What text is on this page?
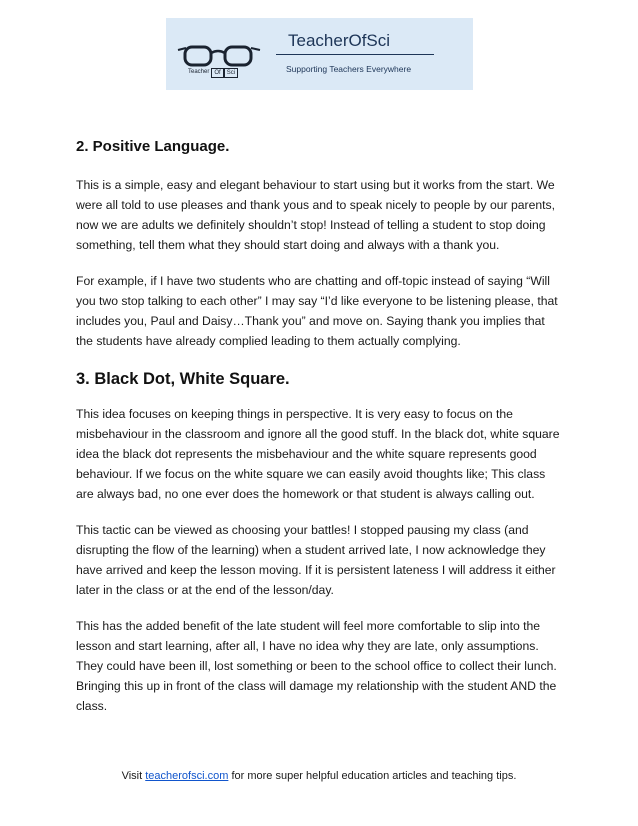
Teacher Of	Sci
TeacherOfSci
Supporting Teachers Everywhere
2. Positive Language.

This is a simple, easy and elegant behaviour to start using but it works from the start. We were all told to use pleases and thank yous and to speak nicely to people by our parents, now we are adults we definitely shouldn’t stop! Instead of telling a student to stop doing something, tell them what they should start doing and always with a thank you.

For example, if I have two students who are chatting and off-topic instead of saying “Will you two stop talking to each other” I may say “I’d like everyone to be listening please, that includes you, Paul and Daisy…Thank you” and move on. Saying thank you implies that the students have already complied leading to them actually complying.

3. Black Dot, White Square.

This idea focuses on keeping things in perspective. It is very easy to focus on the misbehaviour in the classroom and ignore all the good stuff. In the black dot, white square idea the black dot represents the misbehaviour and the white square represents good behaviour. If we focus on the white square we can easily avoid thoughts like; This class are always bad, no one ever does the homework or that student is always calling out.

This tactic can be viewed as choosing your battles! I stopped pausing my class (and disrupting the flow of the learning) when a student arrived late, I now acknowledge they have arrived and keep the lesson moving. If it is persistent lateness I will address it either later in the class or at the end of the lesson/day.

This has the added benefit of the late student will feel more comfortable to slip into the lesson and start learning, after all, I have no idea why they are late, only assumptions. They could have been ill, lost something or been to the school office to collect their lunch. Bringing this up in front of the class will damage my relationship with the student AND the class.

Visit teacherofsci.com for more super helpful education articles and teaching tips.
